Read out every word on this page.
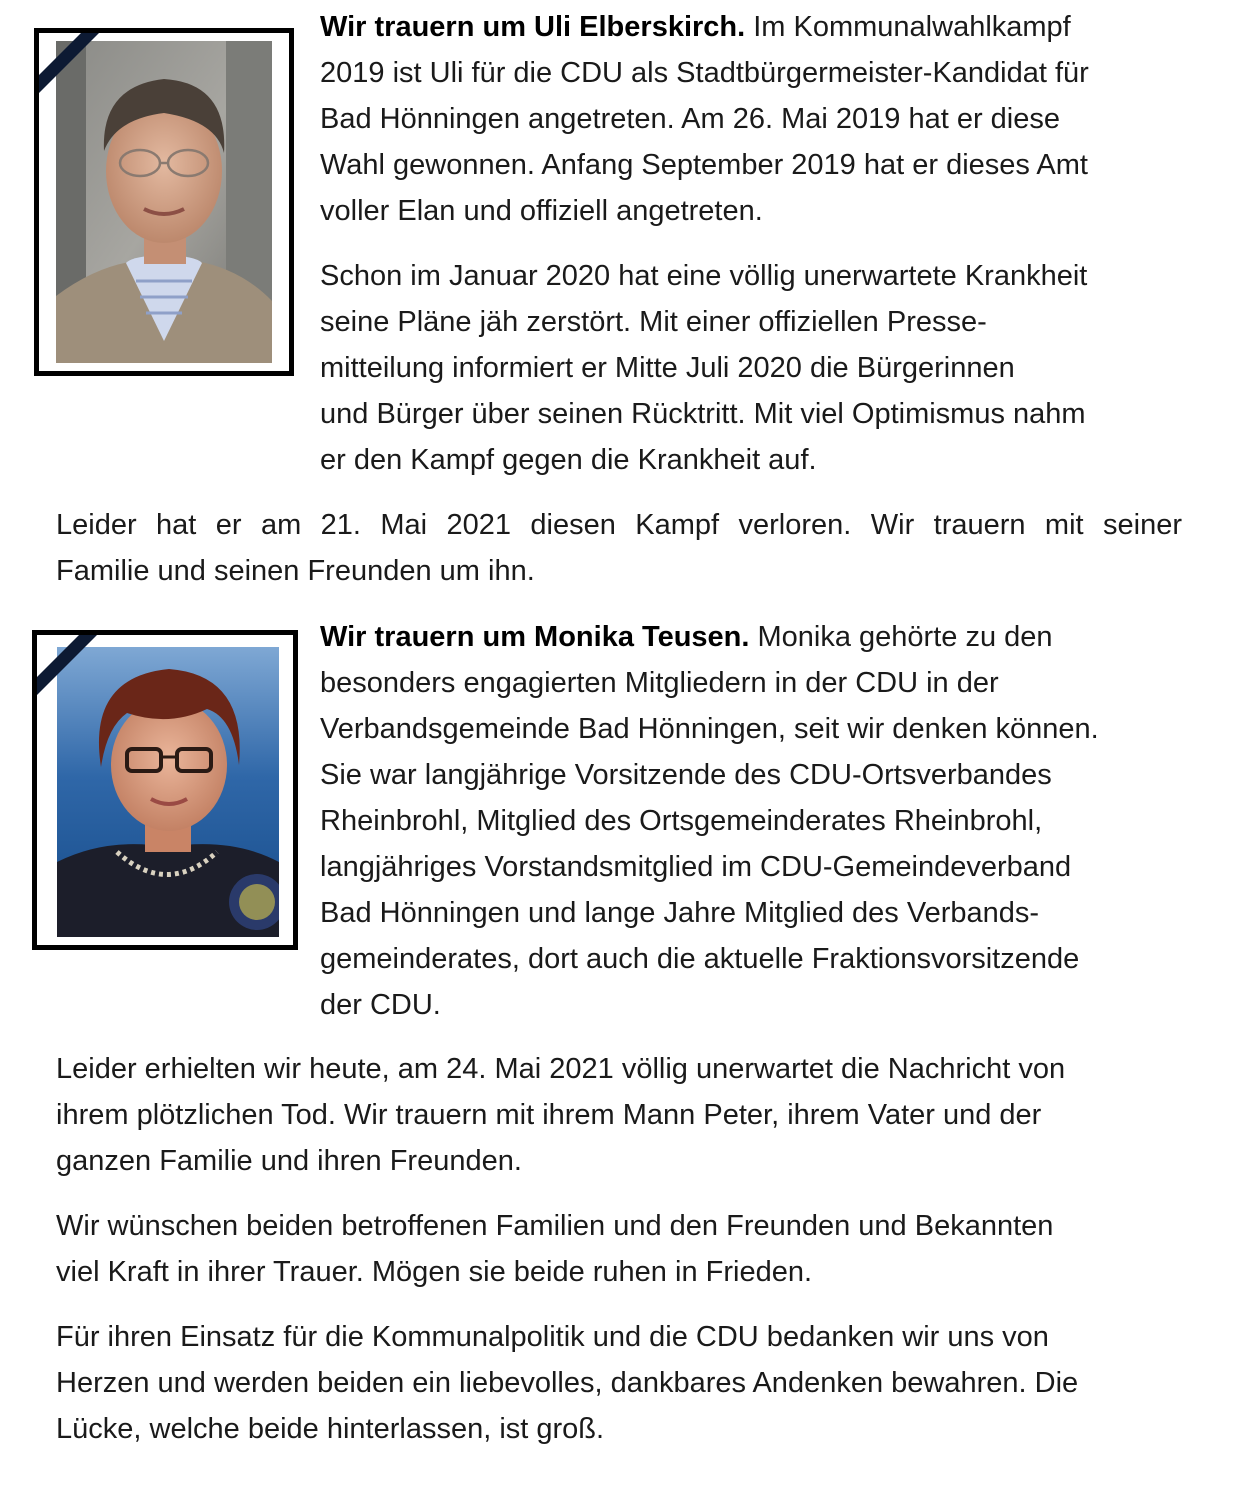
Wir trauern um Uli Elberskirch. Im Kommunalwahlkampf
2019 ist Uli für die CDU als Stadtbürgermeister-Kandidat für
Bad Hönningen angetreten. Am 26. Mai 2019 hat er diese
Wahl gewonnen. Anfang September 2019 hat er dieses Amt
voller Elan und offiziell angetreten.
Schon im Januar 2020 hat eine völlig unerwartete Krankheit
seine Pläne jäh zerstört. Mit einer offiziellen Presse-
mitteilung informiert er Mitte Juli 2020 die Bürgerinnen
und Bürger über seinen Rücktritt. Mit viel Optimismus nahm
er den Kampf gegen die Krankheit auf.
Leider hat er am 21. Mai 2021 diesen Kampf verloren. Wir trauern mit seiner
Familie und seinen Freunden um ihn.
Wir trauern um Monika Teusen. Monika gehörte zu den
besonders engagierten Mitgliedern in der CDU in der
Verbandsgemeinde Bad Hönningen, seit wir denken können.
Sie war langjährige Vorsitzende des CDU-Ortsverbandes
Rheinbrohl, Mitglied des Ortsgemeinderates Rheinbrohl,
langjähriges Vorstandsmitglied im CDU-Gemeindeverband
Bad Hönningen und lange Jahre Mitglied des Verbands-
gemeinderates, dort auch die aktuelle Fraktionsvorsitzende
der CDU.
Leider erhielten wir heute, am 24. Mai 2021 völlig unerwartet die Nachricht von
ihrem plötzlichen Tod. Wir trauern mit ihrem Mann Peter, ihrem Vater und der
ganzen Familie und ihren Freunden.
Wir wünschen beiden betroffenen Familien und den Freunden und Bekannten
viel Kraft in ihrer Trauer. Mögen sie beide ruhen in Frieden.
Für ihren Einsatz für die Kommunalpolitik und die CDU bedanken wir uns von
Herzen und werden beiden ein liebevolles, dankbares Andenken bewahren. Die
Lücke, welche beide hinterlassen, ist groß.
